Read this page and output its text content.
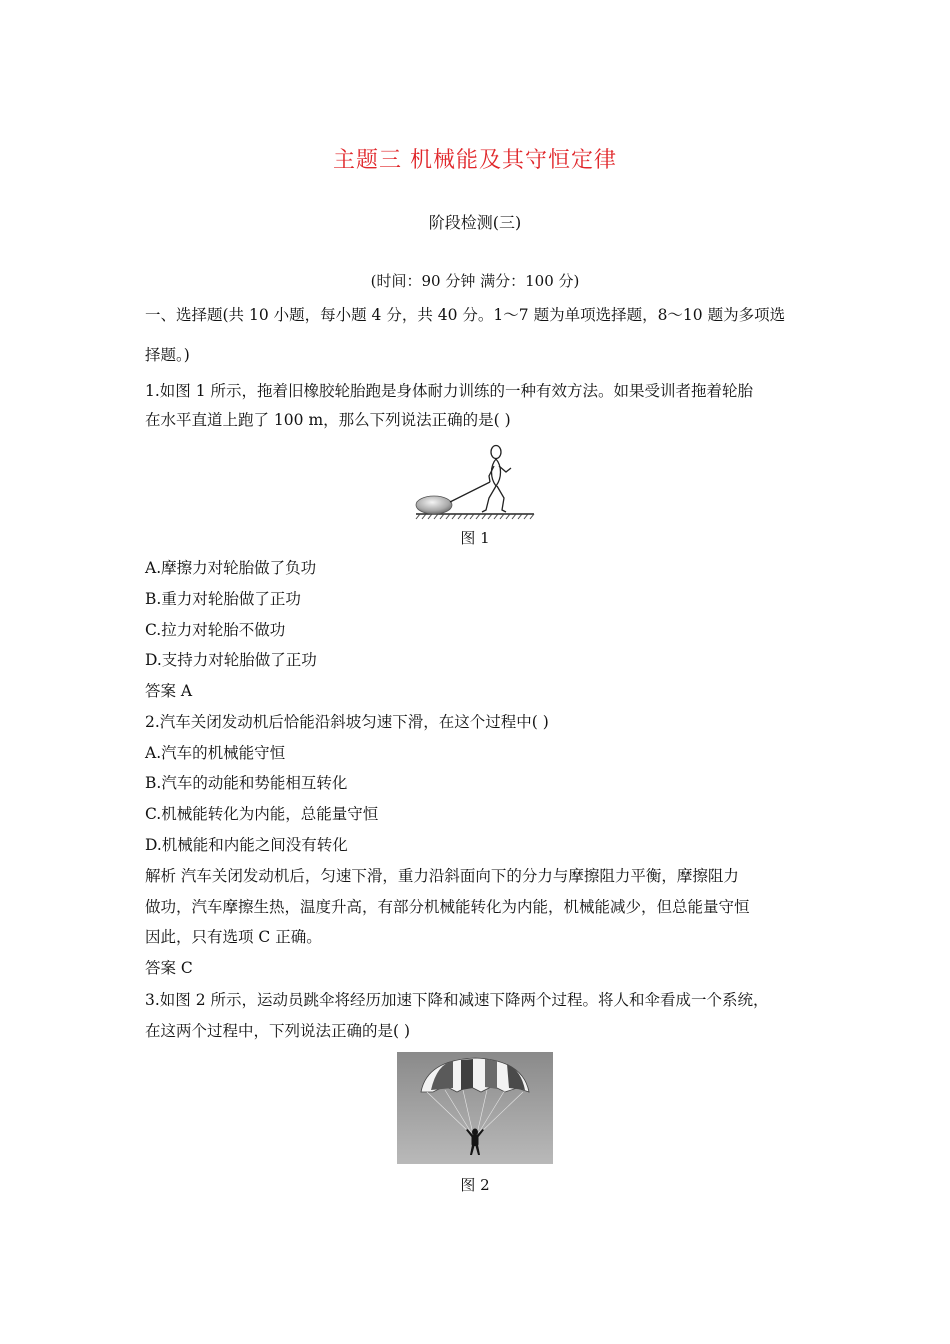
主题三 机械能及其守恒定律
阶段检测(三)
(时间：90 分钟 满分：100 分)
一、选择题(共 10 小题，每小题 4 分，共 40 分。1～7 题为单项选择题，8～10 题为多项选
择题。)
1.如图 1 所示，拖着旧橡胶轮胎跑是身体耐力训练的一种有效方法。如果受训者拖着轮胎
在水平直道上跑了 100 m，那么下列说法正确的是( )
图 1
A.摩擦力对轮胎做了负功
B.重力对轮胎做了正功
C.拉力对轮胎不做功
D.支持力对轮胎做了正功
答案 A
2.汽车关闭发动机后恰能沿斜坡匀速下滑，在这个过程中( )
A.汽车的机械能守恒
B.汽车的动能和势能相互转化
C.机械能转化为内能，总能量守恒
D.机械能和内能之间没有转化
解析 汽车关闭发动机后，匀速下滑，重力沿斜面向下的分力与摩擦阻力平衡，摩擦阻力
做功，汽车摩擦生热，温度升高，有部分机械能转化为内能，机械能减少，但总能量守恒
因此，只有选项 C 正确。
答案 C
3.如图 2 所示，运动员跳伞将经历加速下降和减速下降两个过程。将人和伞看成一个系统，
在这两个过程中，下列说法正确的是( )
图 2
